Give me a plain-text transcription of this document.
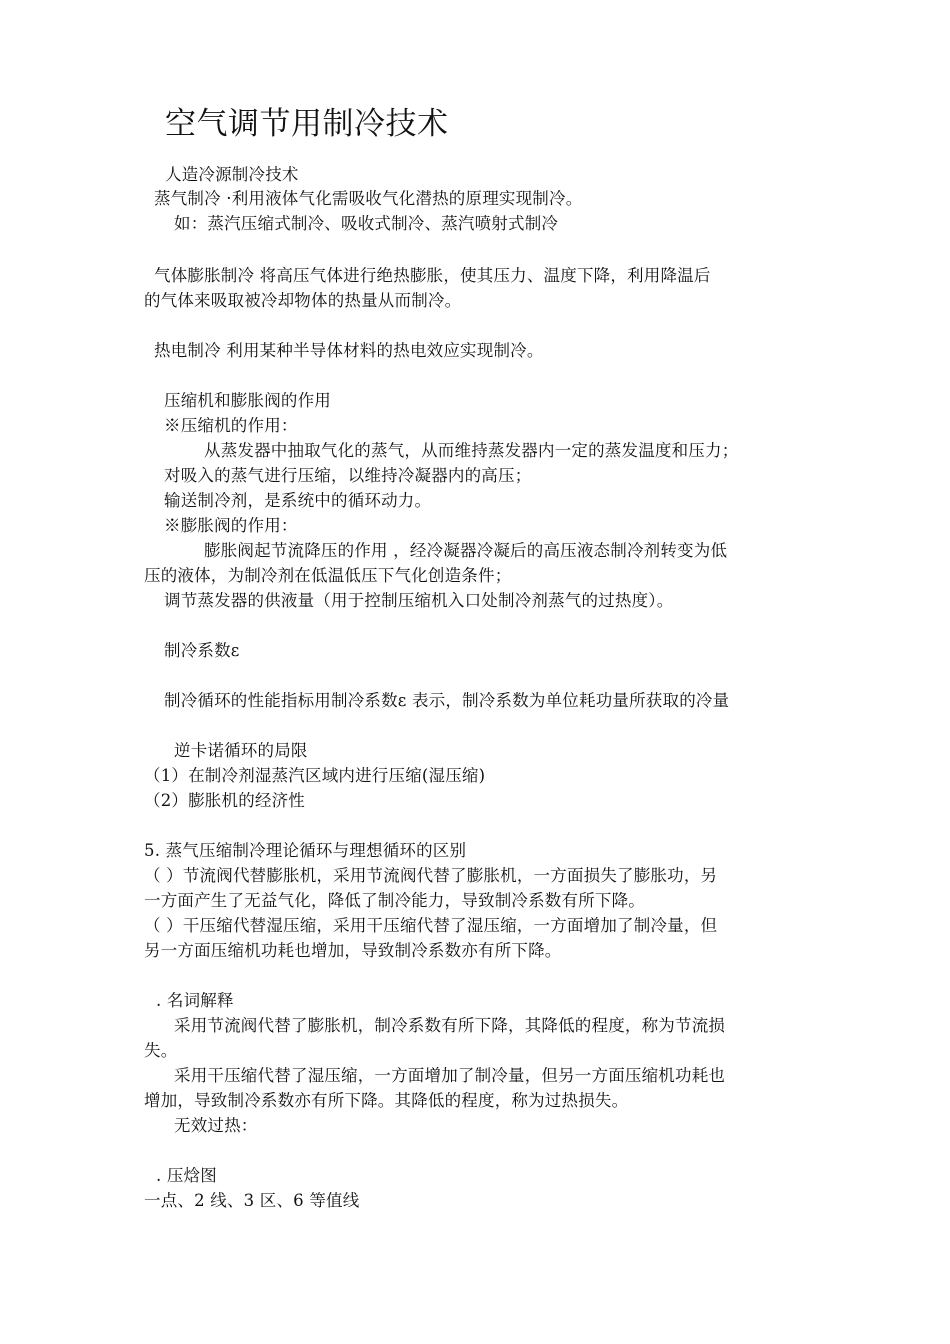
空气调节用制冷技术
人造冷源制冷技术
蒸气制冷 ·利用液体气化需吸收气化潜热的原理实现制冷。
如：蒸汽压缩式制冷、吸收式制冷、蒸汽喷射式制冷
气体膨胀制冷 将高压气体进行绝热膨胀，使其压力、温度下降，利用降温后
的气体来吸取被冷却物体的热量从而制冷。
热电制冷 利用某种半导体材料的热电效应实现制冷。
压缩机和膨胀阀的作用
※压缩机的作用：
从蒸发器中抽取气化的蒸气，从而维持蒸发器内一定的蒸发温度和压力；
对吸入的蒸气进行压缩，以维持冷凝器内的高压；
输送制冷剂，是系统中的循环动力。
※膨胀阀的作用：
膨胀阀起节流降压的作用 ，经冷凝器冷凝后的高压液态制冷剂转变为低
压的液体，为制冷剂在低温低压下气化创造条件；
调节蒸发器的供液量（用于控制压缩机入口处制冷剂蒸气的过热度）。
制冷系数ε
制冷循环的性能指标用制冷系数ε 表示，制冷系数为单位耗功量所获取的冷量
逆卡诺循环的局限
（1）在制冷剂湿蒸汽区域内进行压缩(湿压缩)
（2）膨胀机的经济性
5. 蒸气压缩制冷理论循环与理想循环的区别
（ ）节流阀代替膨胀机，采用节流阀代替了膨胀机，一方面损失了膨胀功，另
一方面产生了无益气化，降低了制冷能力，导致制冷系数有所下降。
（ ）干压缩代替湿压缩，采用干压缩代替了湿压缩，一方面增加了制冷量，但
另一方面压缩机功耗也增加，导致制冷系数亦有所下降。
. 名词解释
采用节流阀代替了膨胀机，制冷系数有所下降，其降低的程度，称为节流损
失。
采用干压缩代替了湿压缩，一方面增加了制冷量，但另一方面压缩机功耗也
增加，导致制冷系数亦有所下降。其降低的程度，称为过热损失。
无效过热：
. 压焓图
一点、2 线、3 区、6 等值线
